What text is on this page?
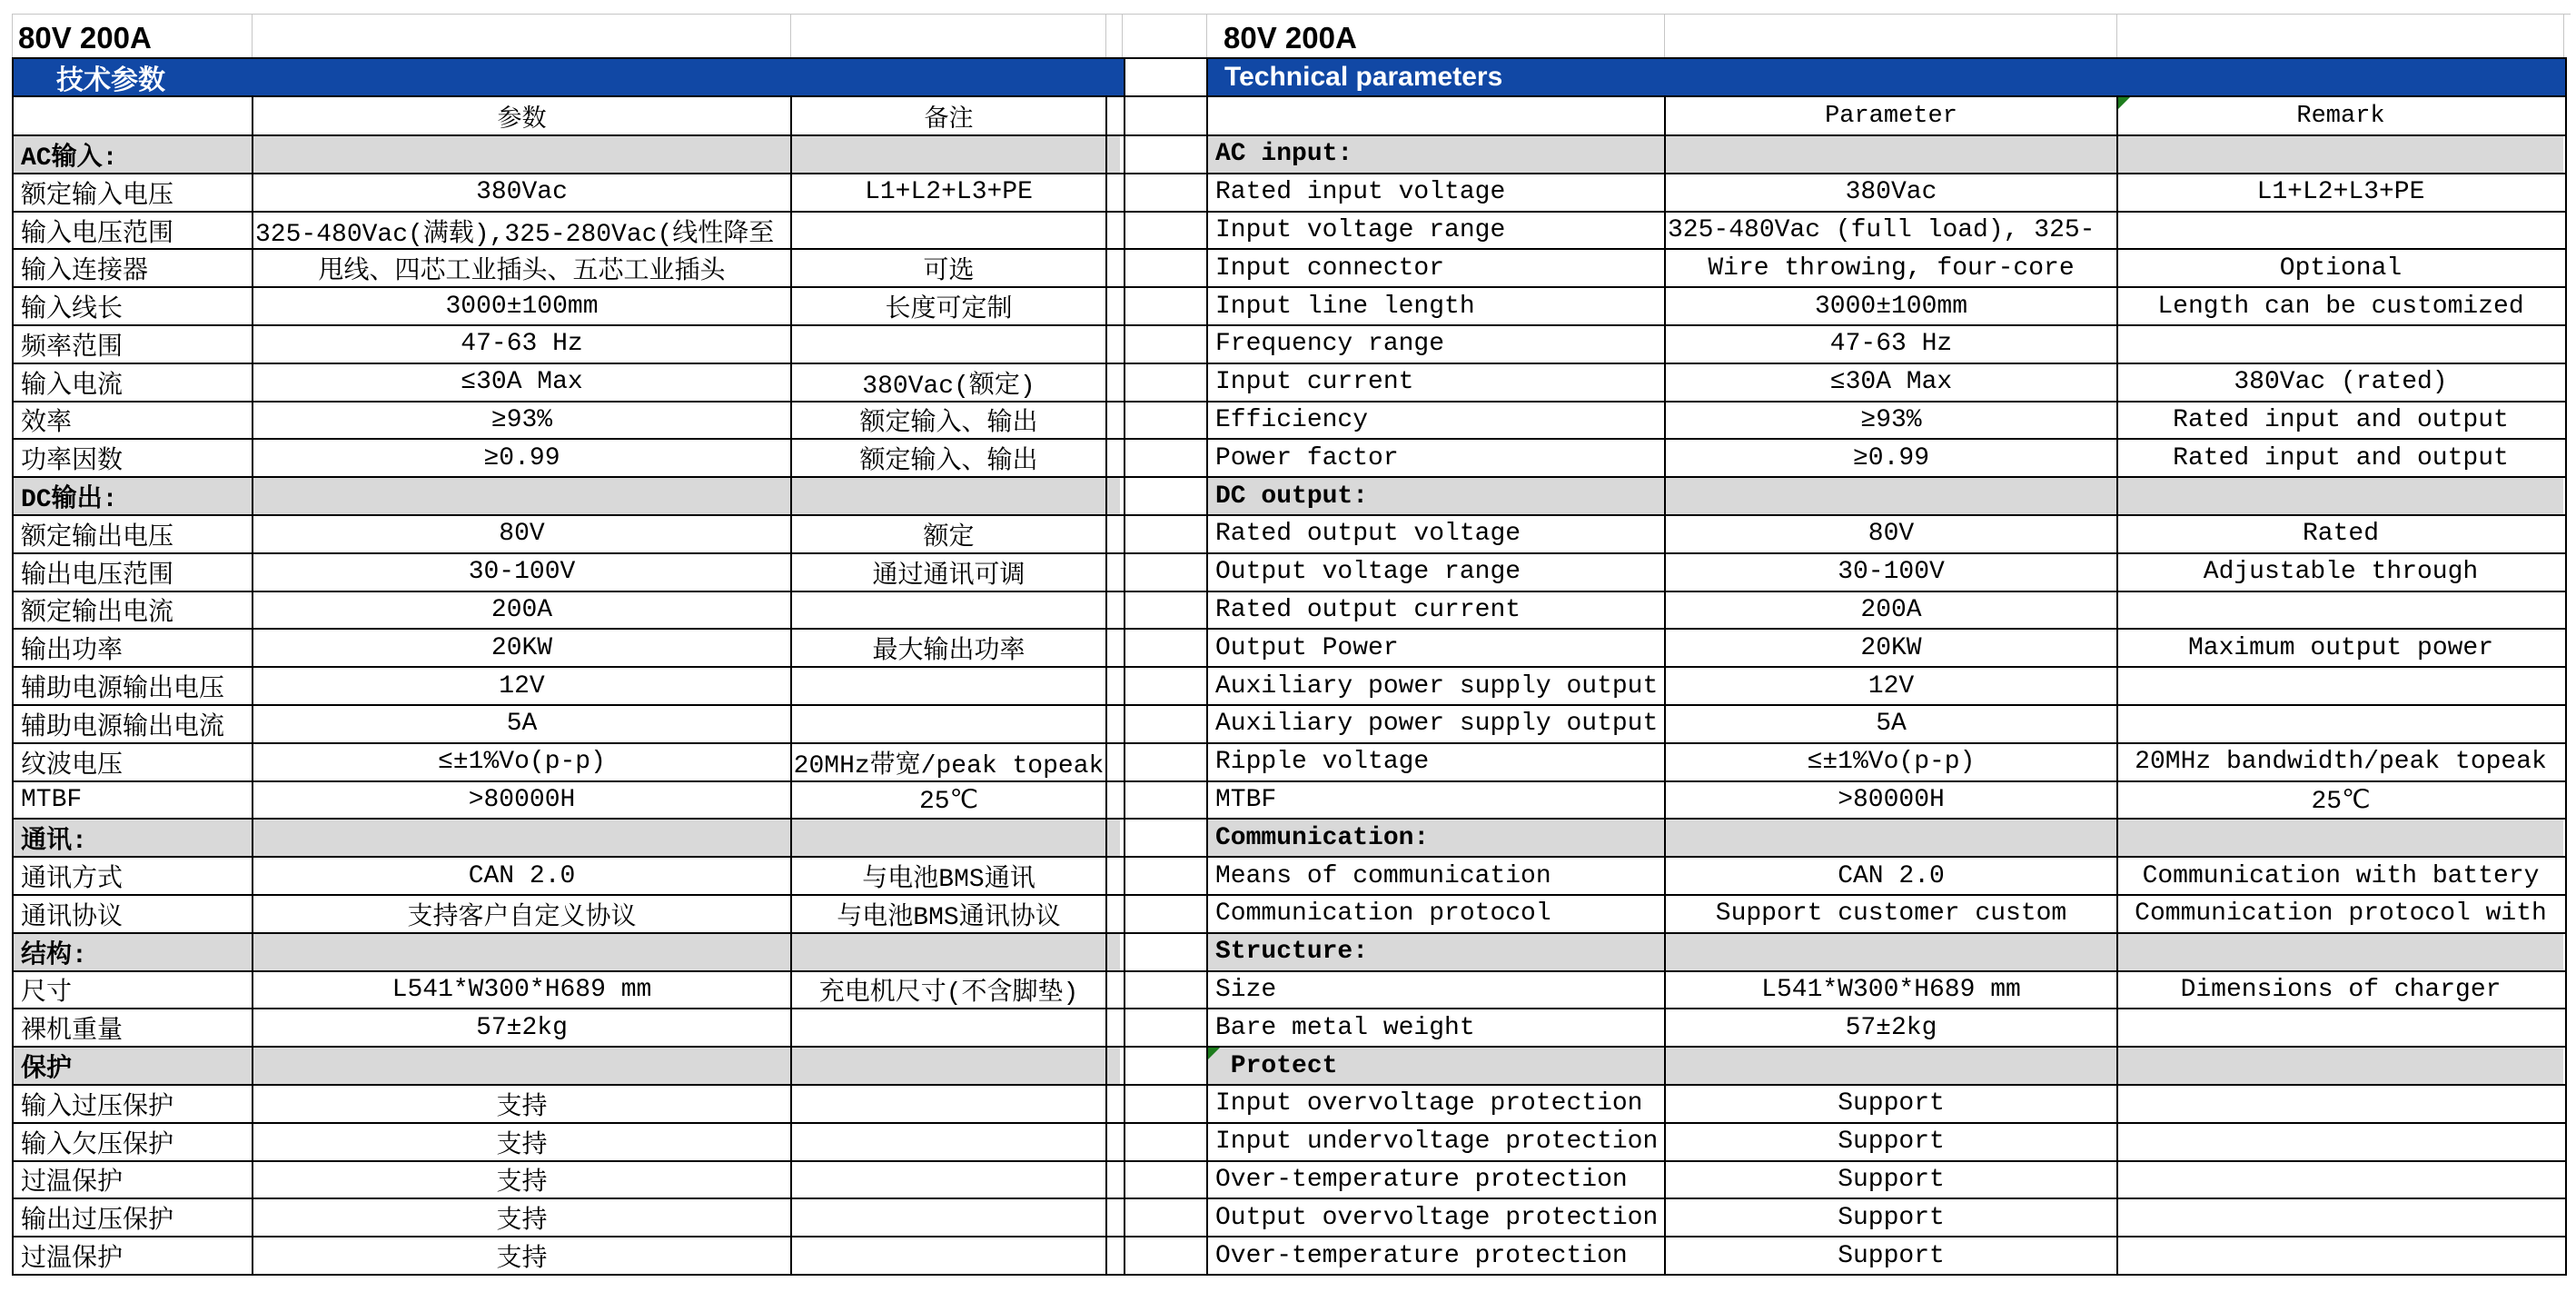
80V 200A	80V 200A
技术参数
参数	备注
AC输入:
额定输入电压	380Vac	L1+L2+L3+PE
输入电压范围	325-480Vac(满载),325-280Vac(线性降至
输入连接器	甩线、四芯工业插头、五芯工业插头	可选
输入线长	3000±100mm	长度可定制
频率范围	47-63 Hz
输入电流	≤30A Max	380Vac(额定)
效率	≥93%	额定输入、输出
功率因数	≥0.99	额定输入、输出
DC输出:
额定输出电压	80V	额定
输出电压范围	30-100V	通过通讯可调
额定输出电流	200A
输出功率	20KW	最大输出功率
辅助电源输出电压	12V
辅助电源输出电流	5A
纹波电压	≤±1%Vo(p-p)	20MHz带宽/peak topeak
MTBF	>80000H	25℃
通讯:
通讯方式	CAN 2.0	与电池BMS通讯
通讯协议	支持客户自定义协议	与电池BMS通讯协议
结构:
尺寸	L541*W300*H689 mm	充电机尺寸(不含脚垫)
裸机重量	57±2kg
保护
输入过压保护	支持
输入欠压保护	支持
过温保护	支持
输出过压保护	支持
过温保护	支持
Technical parameters
Parameter	Remark
AC input:
Rated input voltage	380Vac	L1+L2+L3+PE
Input voltage range	325-480Vac (full load), 325-
Input connector	Wire throwing, four-core	Optional
Input line length	3000±100mm	Length can be customized
Frequency range	47-63 Hz
Input current	≤30A Max	380Vac (rated)
Efficiency	≥93%	Rated input and output
Power factor	≥0.99	Rated input and output
DC output:
Rated output voltage	80V	Rated
Output voltage range	30-100V	Adjustable through
Rated output current	200A
Output Power	20KW	Maximum output power
Auxiliary power supply output	12V
Auxiliary power supply output	5A
Ripple voltage	≤±1%Vo(p-p)	20MHz bandwidth/peak topeak
MTBF	>80000H	25℃
Communication:
Means of communication	CAN 2.0	Communication with battery
Communication protocol	Support customer custom	Communication protocol with
Structure:
Size	L541*W300*H689 mm	Dimensions of charger
Bare metal weight	57±2kg
Protect
Input overvoltage protection	Support
Input undervoltage protection	Support
Over-temperature protection	Support
Output overvoltage protection	Support
Over-temperature protection	Support
